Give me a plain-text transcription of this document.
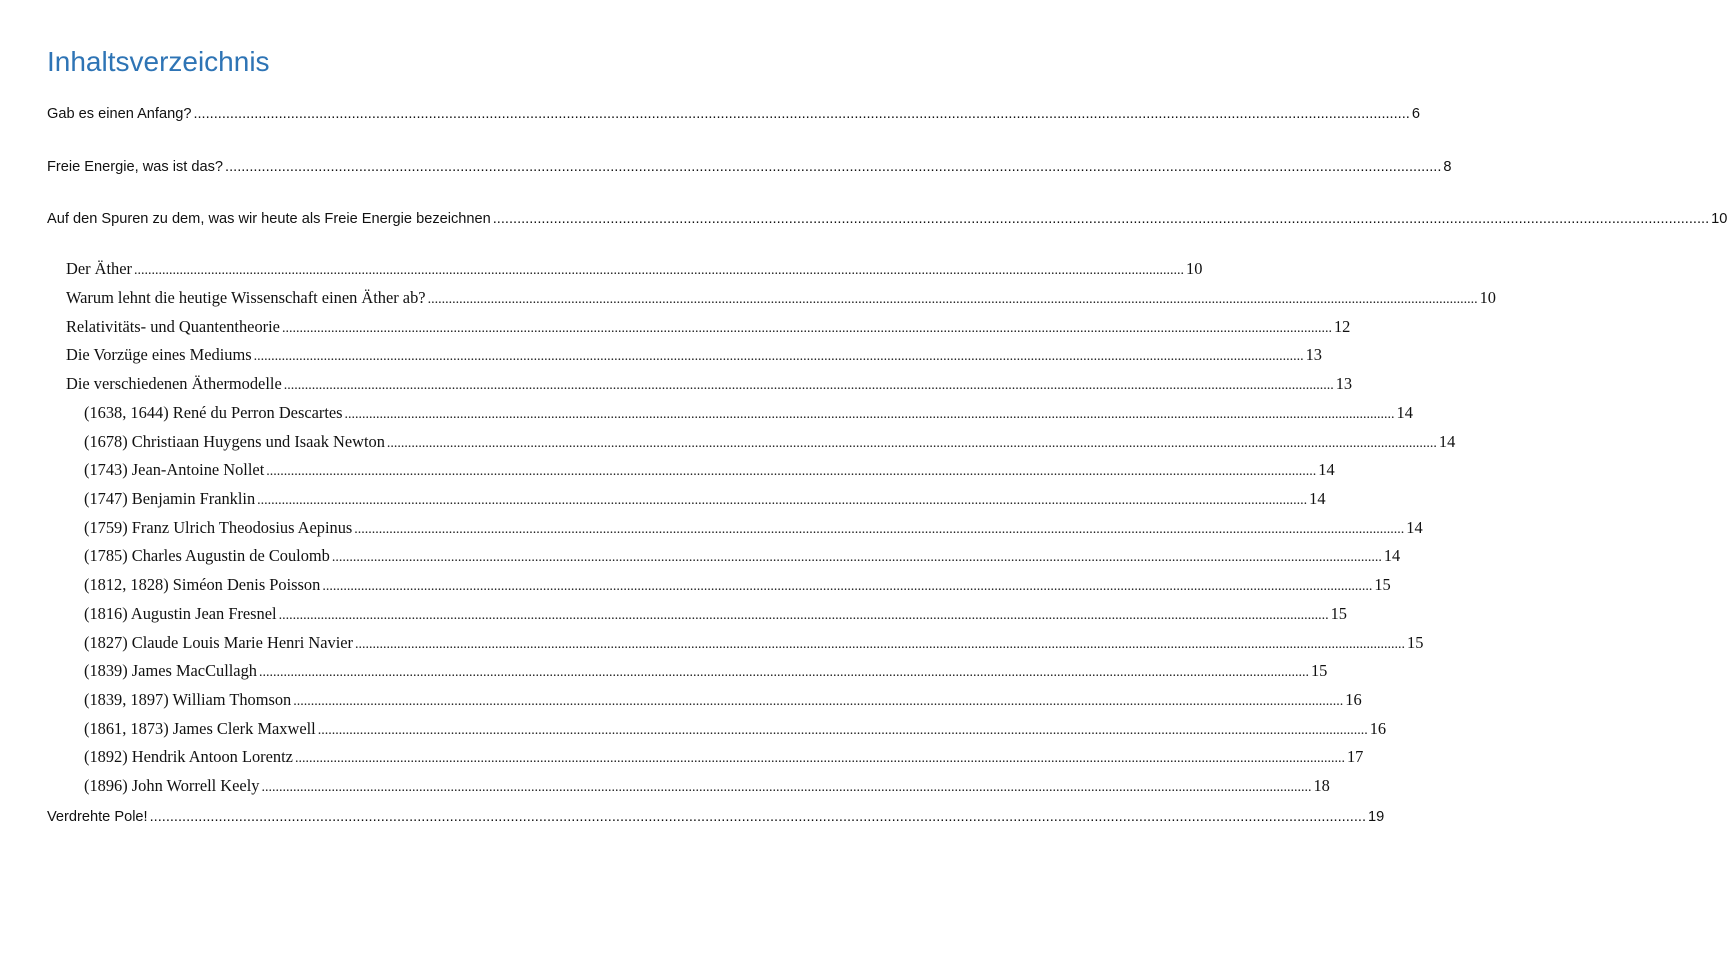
Inhaltsverzeichnis
Gab es einen Anfang? ............................................................................................................................................................................................................................................................................................................ 6
Freie Energie, was ist das? ............................................................................................................................................................................................................................................................................................................ 8
Auf den Spuren zu dem, was wir heute als Freie Energie bezeichnen ............................................................................................................................................................................................................................................................................................................ 10
Der Äther ............................................................................................................................................................................................................................................................................................................ 10
Warum lehnt die heutige Wissenschaft einen Äther ab? ............................................................................................................................................................................................................................................................................................................ 10
Relativitäts- und Quantentheorie ............................................................................................................................................................................................................................................................................................................ 12
Die Vorzüge eines Mediums ............................................................................................................................................................................................................................................................................................................ 13
Die verschiedenen Äthermodelle ............................................................................................................................................................................................................................................................................................................ 13
(1638, 1644) René du Perron Descartes ............................................................................................................................................................................................................................................................................................................ 14
(1678) Christiaan Huygens und Isaak Newton ............................................................................................................................................................................................................................................................................................................ 14
(1743) Jean-Antoine Nollet ............................................................................................................................................................................................................................................................................................................ 14
(1747) Benjamin Franklin ............................................................................................................................................................................................................................................................................................................ 14
(1759) Franz Ulrich Theodosius Aepinus ............................................................................................................................................................................................................................................................................................................ 14
(1785) Charles Augustin de Coulomb ............................................................................................................................................................................................................................................................................................................ 14
(1812, 1828) Siméon Denis Poisson ............................................................................................................................................................................................................................................................................................................ 15
(1816) Augustin Jean Fresnel ............................................................................................................................................................................................................................................................................................................ 15
(1827) Claude Louis Marie Henri Navier ............................................................................................................................................................................................................................................................................................................ 15
(1839) James MacCullagh ............................................................................................................................................................................................................................................................................................................ 15
(1839, 1897) William Thomson ............................................................................................................................................................................................................................................................................................................ 16
(1861, 1873) James Clerk Maxwell ............................................................................................................................................................................................................................................................................................................ 16
(1892) Hendrik Antoon Lorentz ............................................................................................................................................................................................................................................................................................................ 17
(1896) John Worrell Keely ............................................................................................................................................................................................................................................................................................................ 18
Verdrehte Pole! ............................................................................................................................................................................................................................................................................................................ 19
